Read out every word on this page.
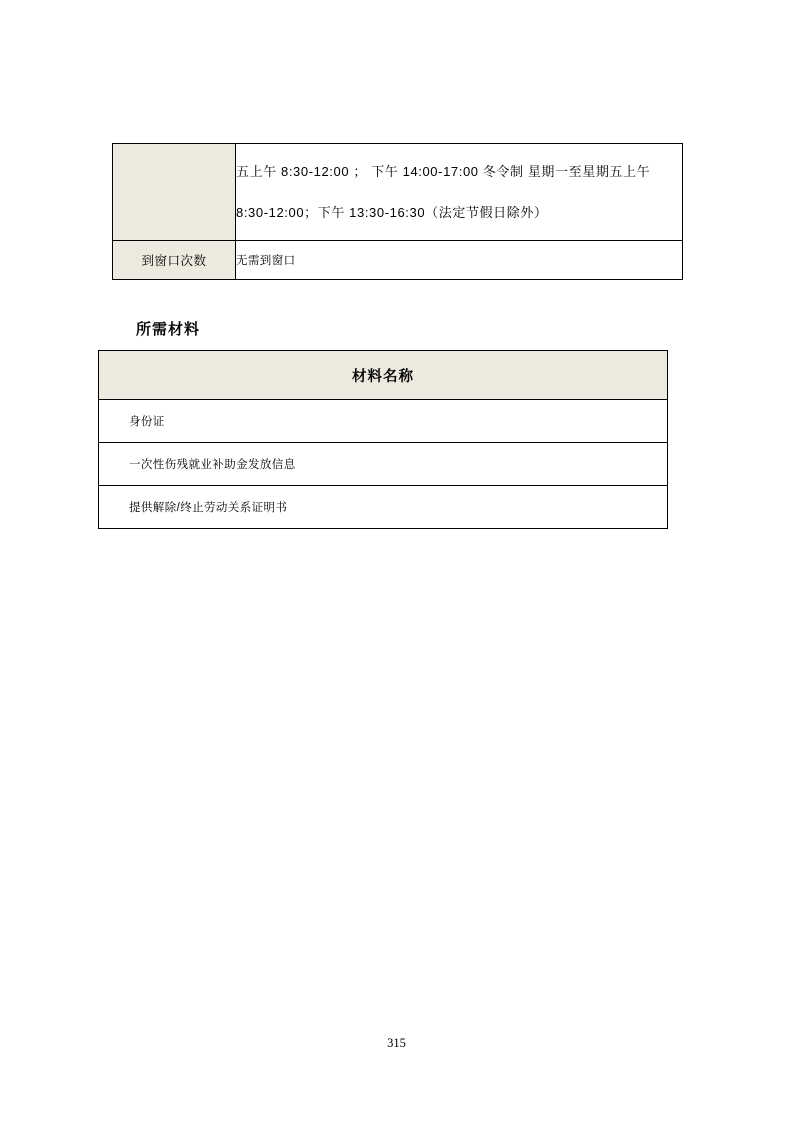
	五上午 8:30-12:00 ； 下午 14:00-17:00 冬令制 星期一至星期五上午
8:30-12:00；下午 13:30-16:30（法定节假日除外）

到窗口次数	无需到窗口
所需材料
材料名称
身份证
一次性伤残就业补助金发放信息
提供解除/终止劳动关系证明书
315
